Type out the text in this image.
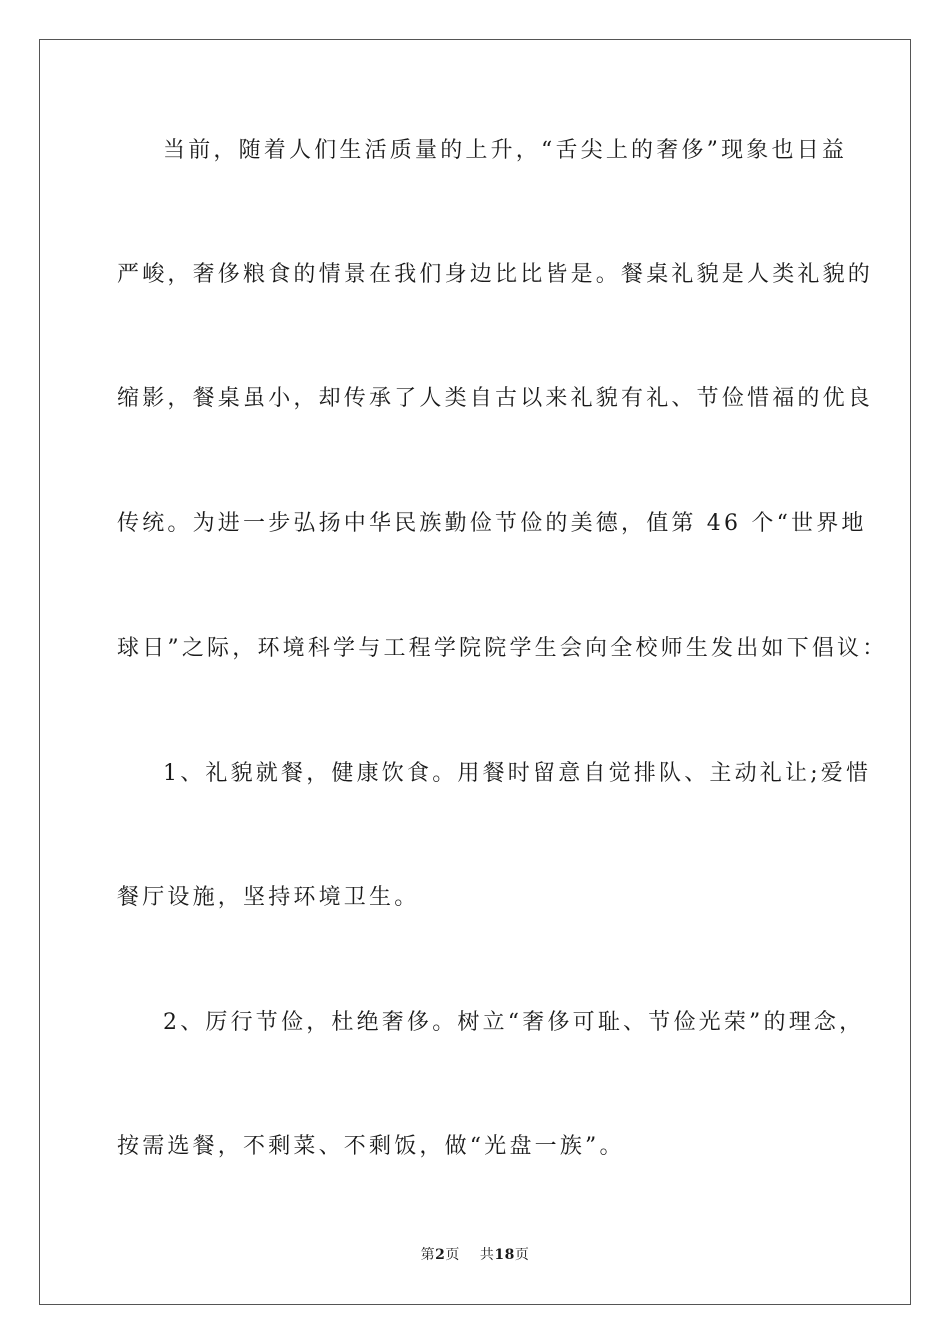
当前，随着人们生活质量的上升，“舌尖上的奢侈”现象也日益
严峻，奢侈粮食的情景在我们身边比比皆是。餐桌礼貌是人类礼貌的
缩影，餐桌虽小，却传承了人类自古以来礼貌有礼、节俭惜福的优良
传统。为进一步弘扬中华民族勤俭节俭的美德，值第 46 个“世界地
球日”之际，环境科学与工程学院院学生会向全校师生发出如下倡议：
1、礼貌就餐，健康饮食。用餐时留意自觉排队、主动礼让;爱惜
餐厅设施，坚持环境卫生。
2、厉行节俭，杜绝奢侈。树立“奢侈可耻、节俭光荣”的理念，
按需选餐，不剩菜、不剩饭，做“光盘一族”。
第2页 共18页
